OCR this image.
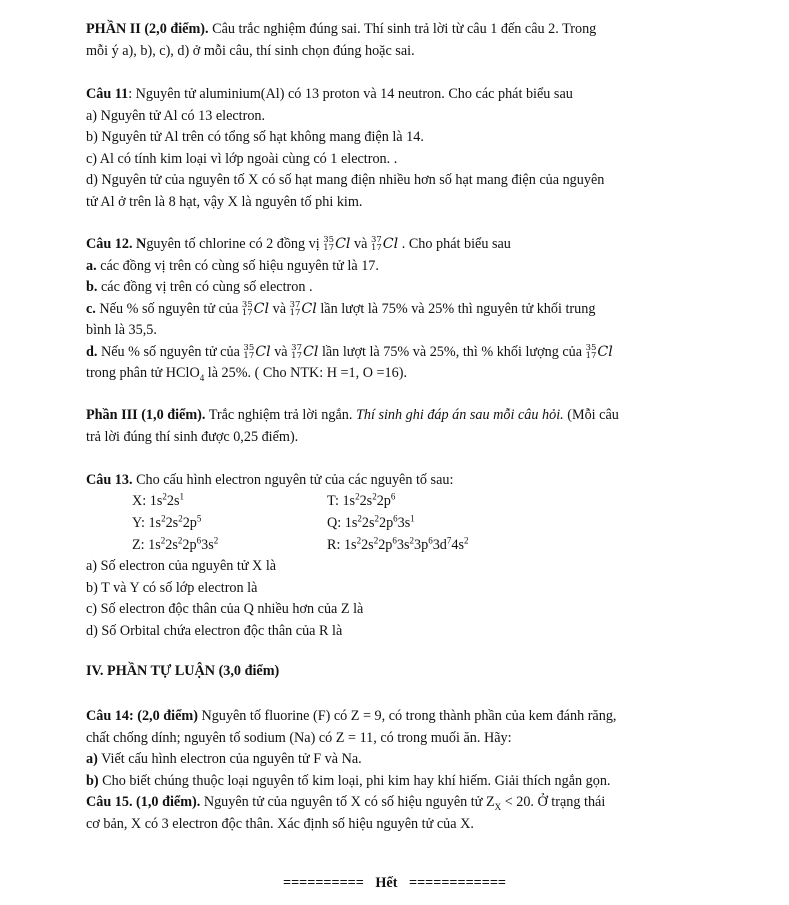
PHẦN II (2,0 điểm). Câu trắc nghiệm đúng sai. Thí sinh trả lời từ câu 1 đến câu 2. Trong
mỗi ý a), b), c), d) ở mỗi câu, thí sinh chọn đúng hoặc sai.
Câu 11: Nguyên tử aluminium(Al) có 13 proton và 14 neutron. Cho các phát biểu sau
a) Nguyên tử Al có 13 electron.
b) Nguyên tử Al trên có tổng số hạt không mang điện là 14.
c) Al có tính kim loại vì lớp ngoài cùng có 1 electron. .
d) Nguyên tử của nguyên tố X có số hạt mang điện nhiều hơn số hạt mang điện của nguyên
tử Al ở trên là 8 hạt, vậy X là nguyên tố phi kim.
Câu 12. Nguyên tố chlorine có 2 đồng vị 35
17 Cl và 37
17 Cl . Cho phát biểu sau
a. các đồng vị trên có cùng số hiệu nguyên tử là 17.
b. các đồng vị trên có cùng số electron .
c. Nếu % số nguyên tử của 35
17 Cl và 37
17 Cl lần lượt là 75% và 25% thì nguyên tử khối trung
bình là 35,5.
d. Nếu % số nguyên tử của 35
17 Cl và 37
17 Cl lần lượt là 75% và 25%, thì % khối lượng của 35
17 Cl
trong phân tử HClO$_4$ là 25%. ( Cho NTK: H =1, O =16).
Phần III (1,0 điểm). Trắc nghiệm trả lời ngắn. Thí sinh ghi đáp án sau mỗi câu hỏi. (Mỗi câu
trả lời đúng thí sinh được 0,25 điểm).
Câu 13. Cho cấu hình electron nguyên tử của các nguyên tố sau:
X: $1s^22s^1$	T: $1s^22s^22p^6$
Y: $1s^22s^22p^5$	Q: $1s^22s^22p^63s^1$
Z: $1s^22s^22p^63s^2$	R: $1s^22s^22p^63s^23p^63d^74s^2$
a) Số electron của nguyên tử X là
b) T và Y có số lớp electron là
c) Số electron độc thân của Q nhiều hơn của Z là
d) Số Orbital chứa electron độc thân của R là
IV. PHẦN TỰ LUẬN (3,0 điểm)
Câu 14: (2,0 điểm) Nguyên tố fluorine (F) có Z = 9, có trong thành phần của kem đánh răng,
chất chống dính; nguyên tố sodium (Na) có Z = 11, có trong muối ăn. Hãy:
a) Viết cấu hình electron của nguyên tử F và Na.
b) Cho biết chúng thuộc loại nguyên tố kim loại, phi kim hay khí hiếm. Giải thích ngắn gọn.
Câu 15. (1,0 điểm). Nguyên tử của nguyên tố X có số hiệu nguyên tử $Z_X < 20$. Ở trạng thái
cơ bản, X có 3 electron độc thân. Xác định số hiệu nguyên tử của X.
========== Hết ============
